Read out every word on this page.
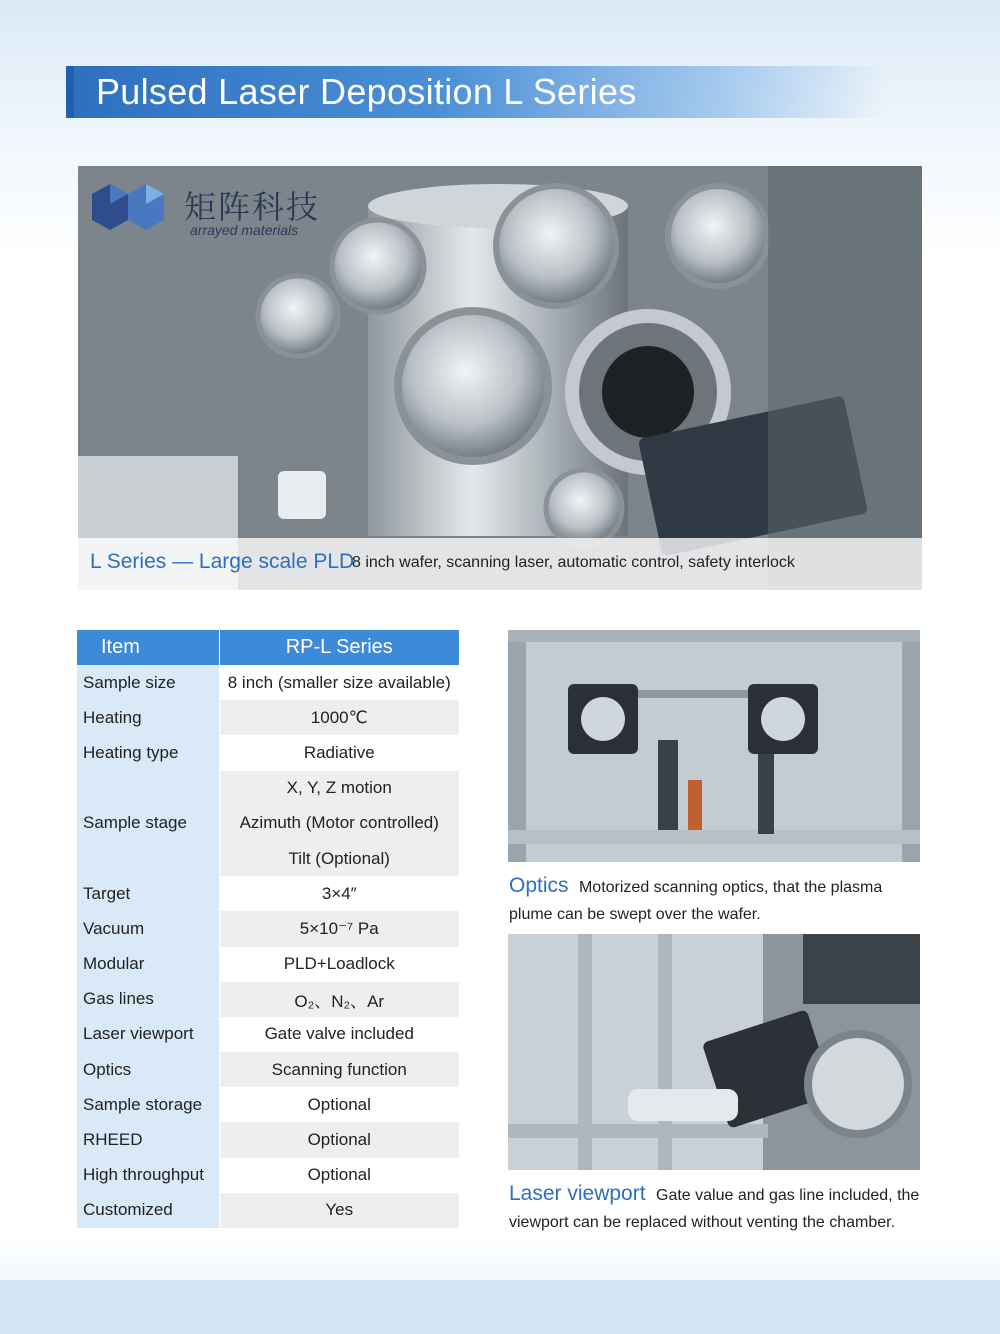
Pulsed Laser Deposition L Series
矩阵科技
arrayed materials
L Series — Large scale PLD
8 inch wafer, scanning laser, automatic control, safety interlock
Item	RP-L Series
Sample size	8 inch (smaller size available)
Heating	1000℃
Heating type	Radiative
Sample stage	X, Y, Z motion
	Azimuth (Motor controlled)
	Tilt (Optional)
Target	3×4″
Vacuum	5×10⁻⁷ Pa
Modular	PLD+Loadlock
Gas lines	O₂、N₂、Ar
Laser viewport	Gate valve included
Optics	Scanning function
Sample storage	Optional
RHEED	Optional
High throughput	Optional
Customized	Yes
Optics Motorized scanning optics, that the plasma plume can be swept over the wafer.
Laser viewport Gate value and gas line included, the viewport can be replaced without venting the chamber.
